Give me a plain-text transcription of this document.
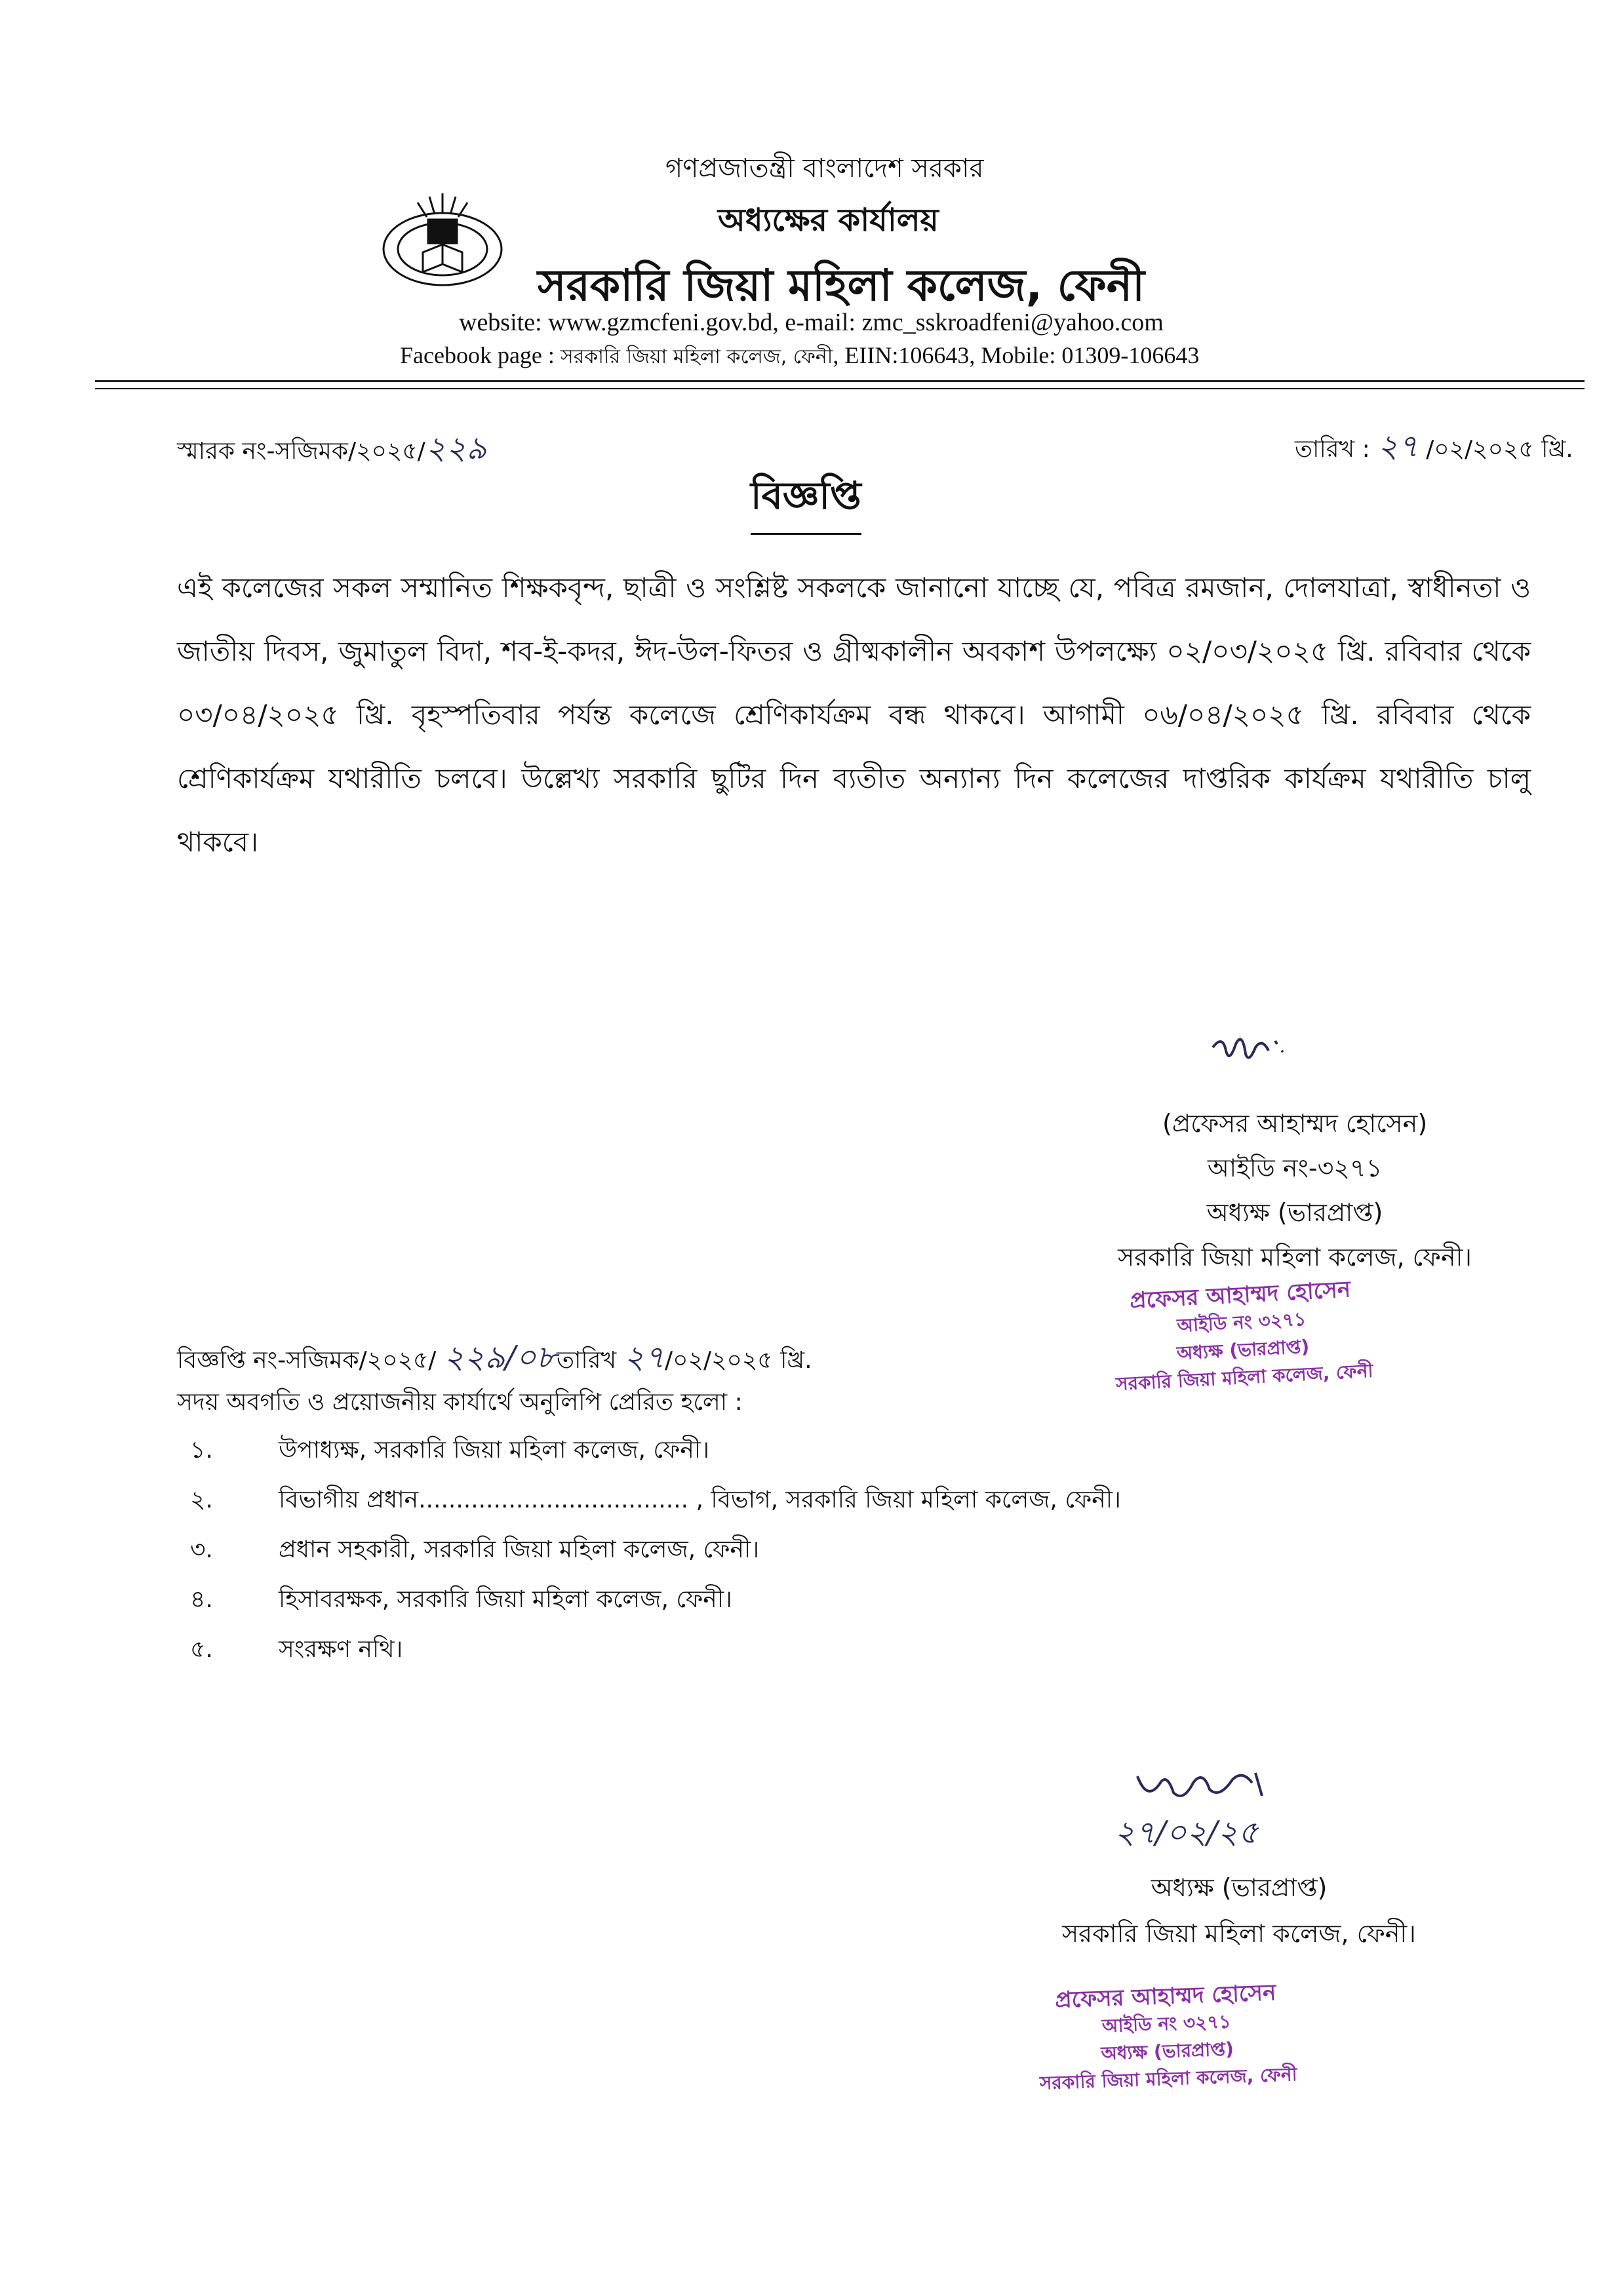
গণপ্রজাতন্ত্রী বাংলাদেশ সরকার
অধ্যক্ষের কার্যালয়
সরকারি জিয়া মহিলা কলেজ, ফেনী
website: www.gzmcfeni.gov.bd, e-mail: zmc_sskroadfeni@yahoo.com
Facebook page : সরকারি জিয়া মহিলা কলেজ, ফেনী, EIIN:106643, Mobile: 01309-106643
স্মারক নং-সজিমক/২০২৫/২২৯	তারিখ : ২৭ /০২/২০২৫ খ্রি.
বিজ্ঞপ্তি
এই কলেজের সকল সম্মানিত শিক্ষকবৃন্দ, ছাত্রী ও সংশ্লিষ্ট সকলকে জানানো যাচ্ছে যে, পবিত্র রমজান, দোলযাত্রা, স্বাধীনতা ও জাতীয় দিবস, জুমাতুল বিদা, শব-ই-কদর, ঈদ-উল-ফিতর ও গ্রীষ্মকালীন অবকাশ উপলক্ষ্যে ০২/০৩/২০২৫ খ্রি. রবিবার থেকে ০৩/০৪/২০২৫ খ্রি. বৃহস্পতিবার পর্যন্ত কলেজে শ্রেণিকার্যক্রম বন্ধ থাকবে। আগামী ০৬/০৪/২০২৫ খ্রি. রবিবার থেকে শ্রেণিকার্যক্রম যথারীতি চলবে। উল্লেখ্য সরকারি ছুটির দিন ব্যতীত অন্যান্য দিন কলেজের দাপ্তরিক কার্যক্রম যথারীতি চালু থাকবে।
(প্রফেসর আহাম্মদ হোসেন)
আইডি নং-৩২৭১
অধ্যক্ষ (ভারপ্রাপ্ত)
সরকারি জিয়া মহিলা কলেজ, ফেনী।
প্রফেসর আহাম্মদ হোসেন
আইডি নং ৩২৭১
অধ্যক্ষ (ভারপ্রাপ্ত)
সরকারি জিয়া মহিলা কলেজ, ফেনী
বিজ্ঞপ্তি নং-সজিমক/২০২৫/ ২২৯/০৮তারিখ ২৭/০২/২০২৫ খ্রি.
সদয় অবগতি ও প্রয়োজনীয় কার্যার্থে অনুলিপি প্রেরিত হলো :
১.	উপাধ্যক্ষ, সরকারি জিয়া মহিলা কলেজ, ফেনী।
২.	বিভাগীয় প্রধান.................................... , বিভাগ, সরকারি জিয়া মহিলা কলেজ, ফেনী।
৩.	প্রধান সহকারী, সরকারি জিয়া মহিলা কলেজ, ফেনী।
৪.	হিসাবরক্ষক, সরকারি জিয়া মহিলা কলেজ, ফেনী।
৫.	সংরক্ষণ নথি।
২৭/০২/২৫
অধ্যক্ষ (ভারপ্রাপ্ত)
সরকারি জিয়া মহিলা কলেজ, ফেনী।
প্রফেসর আহাম্মদ হোসেন
আইডি নং ৩২৭১
অধ্যক্ষ (ভারপ্রাপ্ত)
সরকারি জিয়া মহিলা কলেজ, ফেনী
